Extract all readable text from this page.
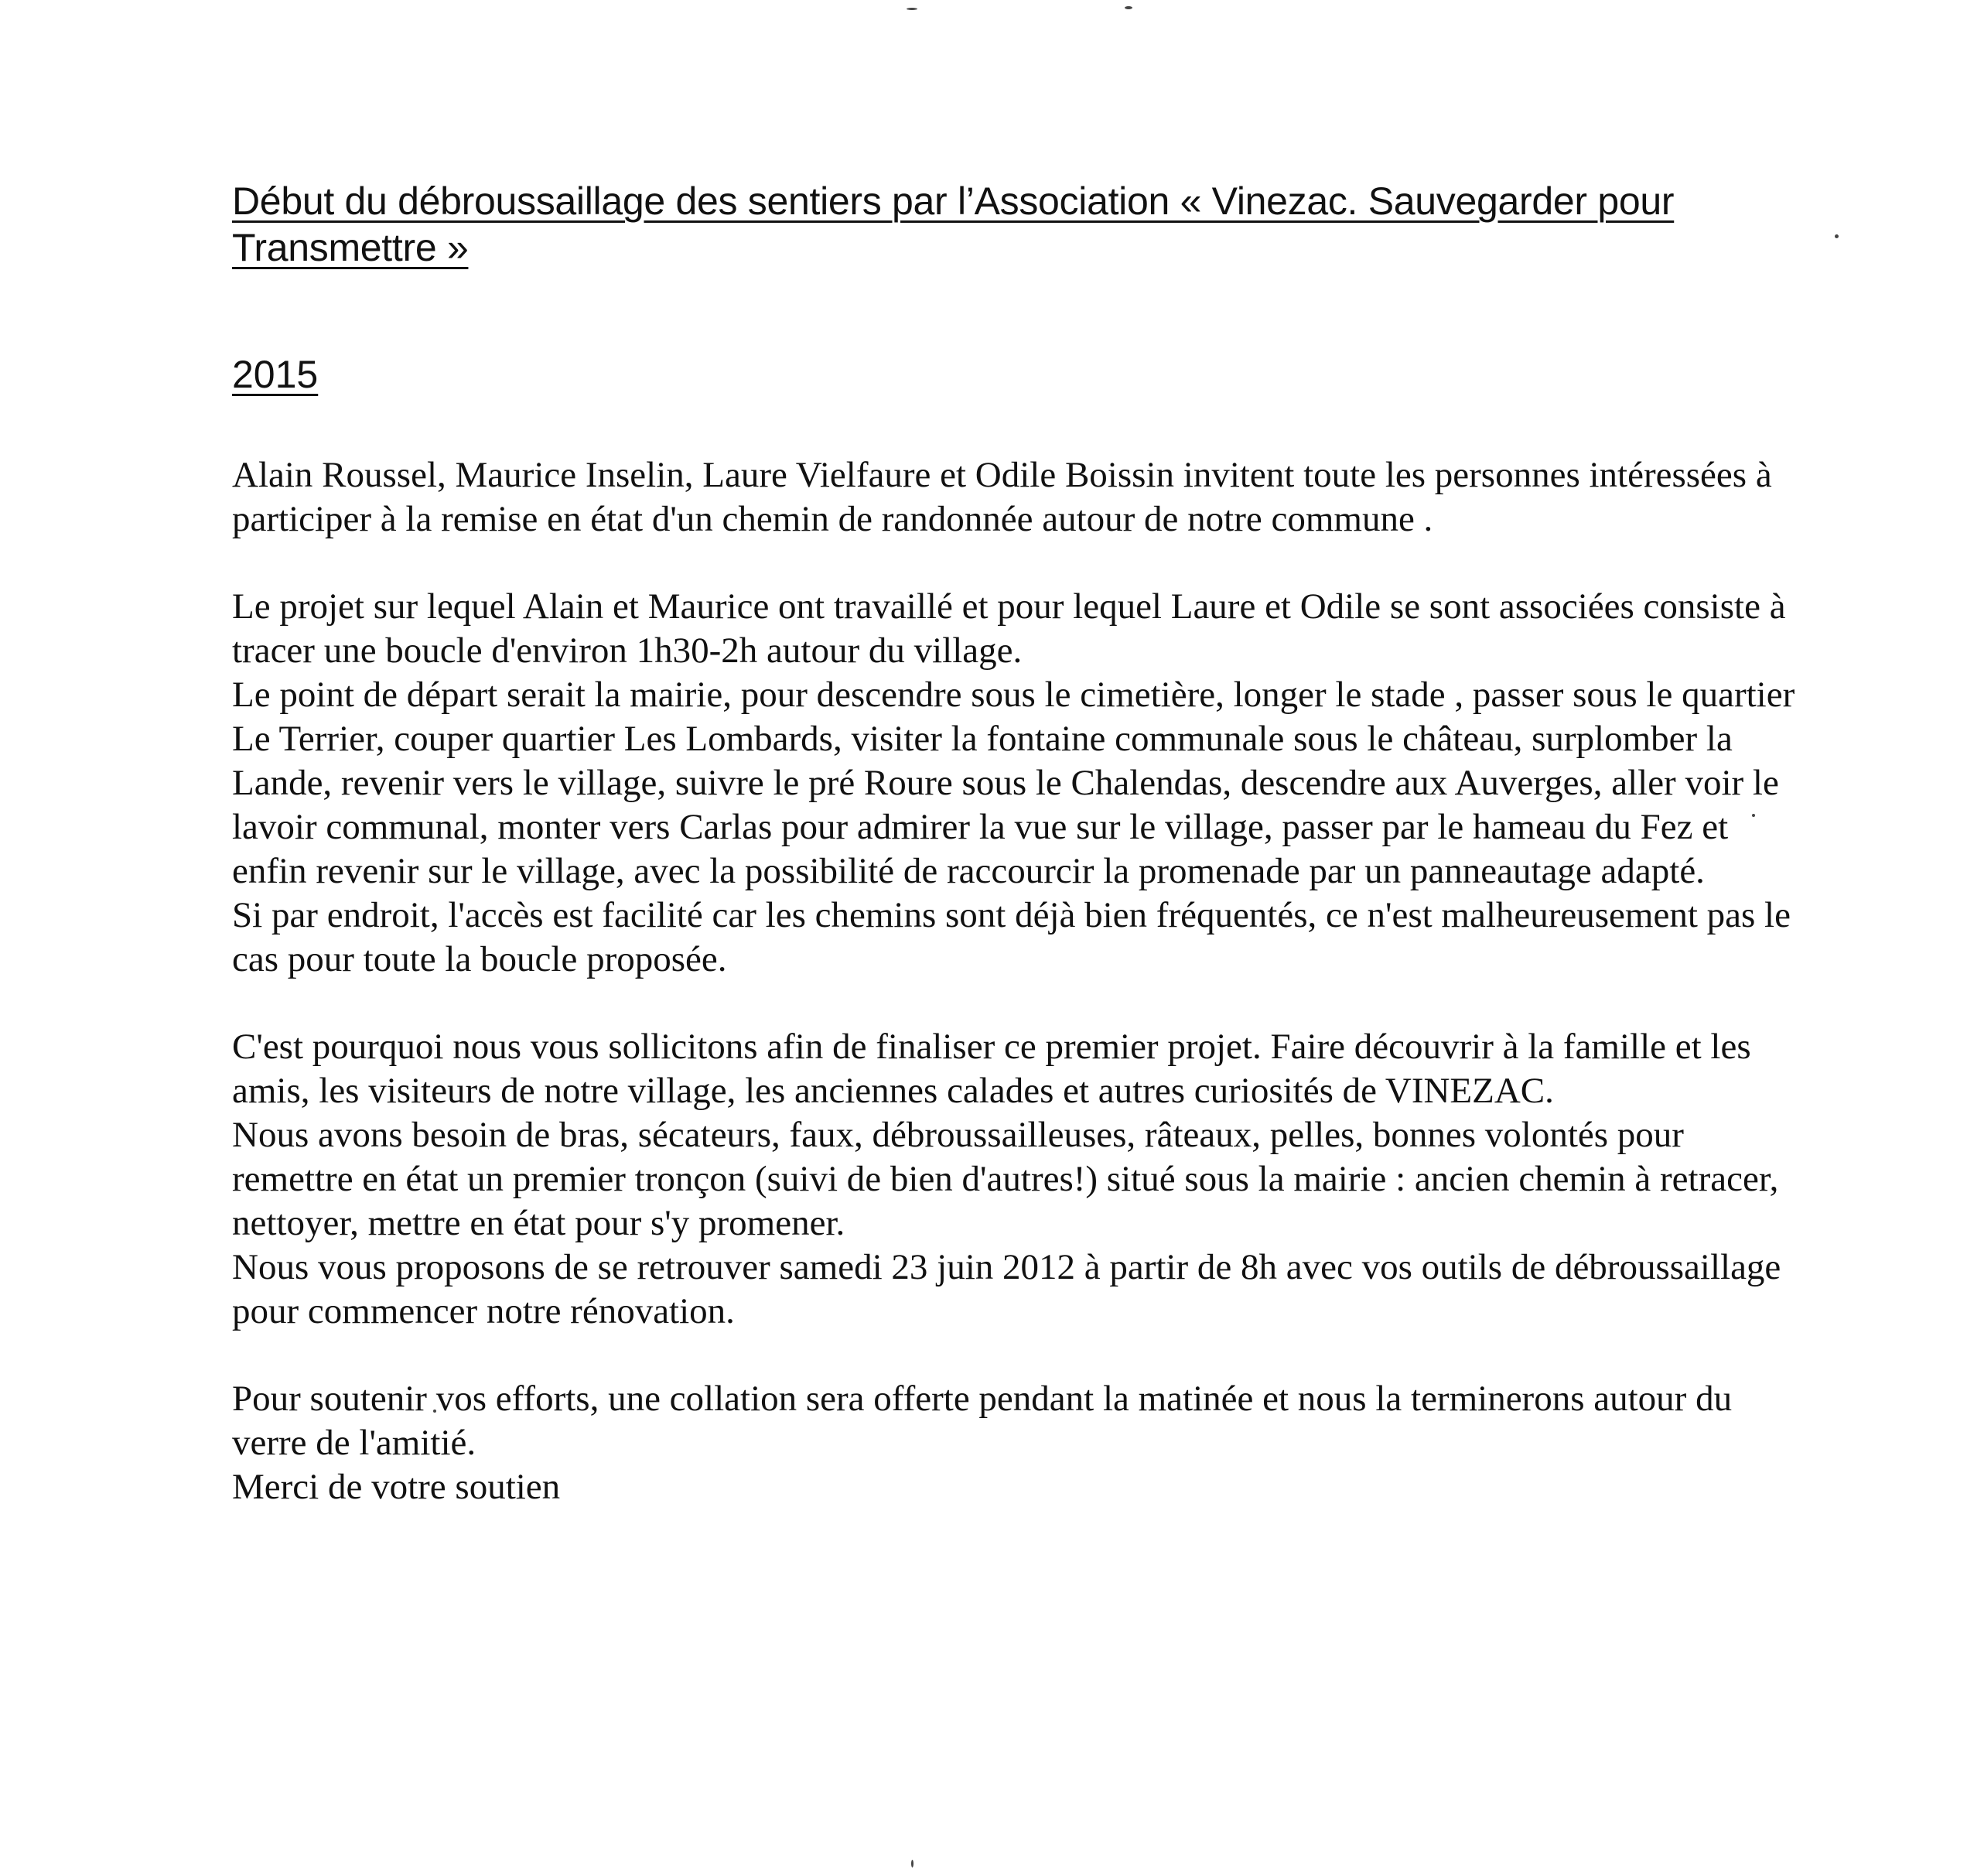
Début du débroussaillage des sentiers par l’Association « Vinezac. Sauvegarder pour Transmettre »
2015

Alain Roussel, Maurice Inselin, Laure Vielfaure et Odile Boissin invitent toute les personnes intéressées à participer à la remise en état d'un chemin de randonnée autour de notre commune .

Le projet sur lequel Alain et Maurice ont travaillé et pour lequel Laure et Odile se sont associées consiste à tracer une boucle d'environ 1h30-2h autour du village.

Le point de départ serait la mairie, pour descendre sous le cimetière, longer le stade , passer sous le quartier Le Terrier, couper quartier Les Lombards, visiter la fontaine communale sous le château, surplomber la Lande, revenir vers le village, suivre le pré Roure sous le Chalendas, descendre aux Auverges, aller voir le lavoir communal, monter vers Carlas pour admirer la vue sur le village, passer par le hameau du Fez et enfin revenir sur le village, avec la possibilité de raccourcir la promenade par un panneautage adapté.

Si par endroit, l'accès est facilité car les chemins sont déjà bien fréquentés, ce n'est malheureusement pas le cas pour toute la boucle proposée.

C'est pourquoi nous vous sollicitons afin de finaliser ce premier projet. Faire découvrir à la famille et les amis, les visiteurs de notre village, les anciennes calades et autres curiosités de VINEZAC.

Nous avons besoin de bras, sécateurs, faux, débroussailleuses, râteaux, pelles, bonnes volontés pour remettre en état un premier tronçon (suivi de bien d'autres!) situé sous la mairie : ancien chemin à retracer, nettoyer, mettre en état pour s'y promener.

Nous vous proposons de se retrouver samedi 23 juin 2012 à partir de 8h avec vos outils de débroussaillage pour commencer notre rénovation.

Pour soutenir vos efforts, une collation sera offerte pendant la matinée et nous la terminerons autour du verre de l'amitié.

Merci de votre soutien
